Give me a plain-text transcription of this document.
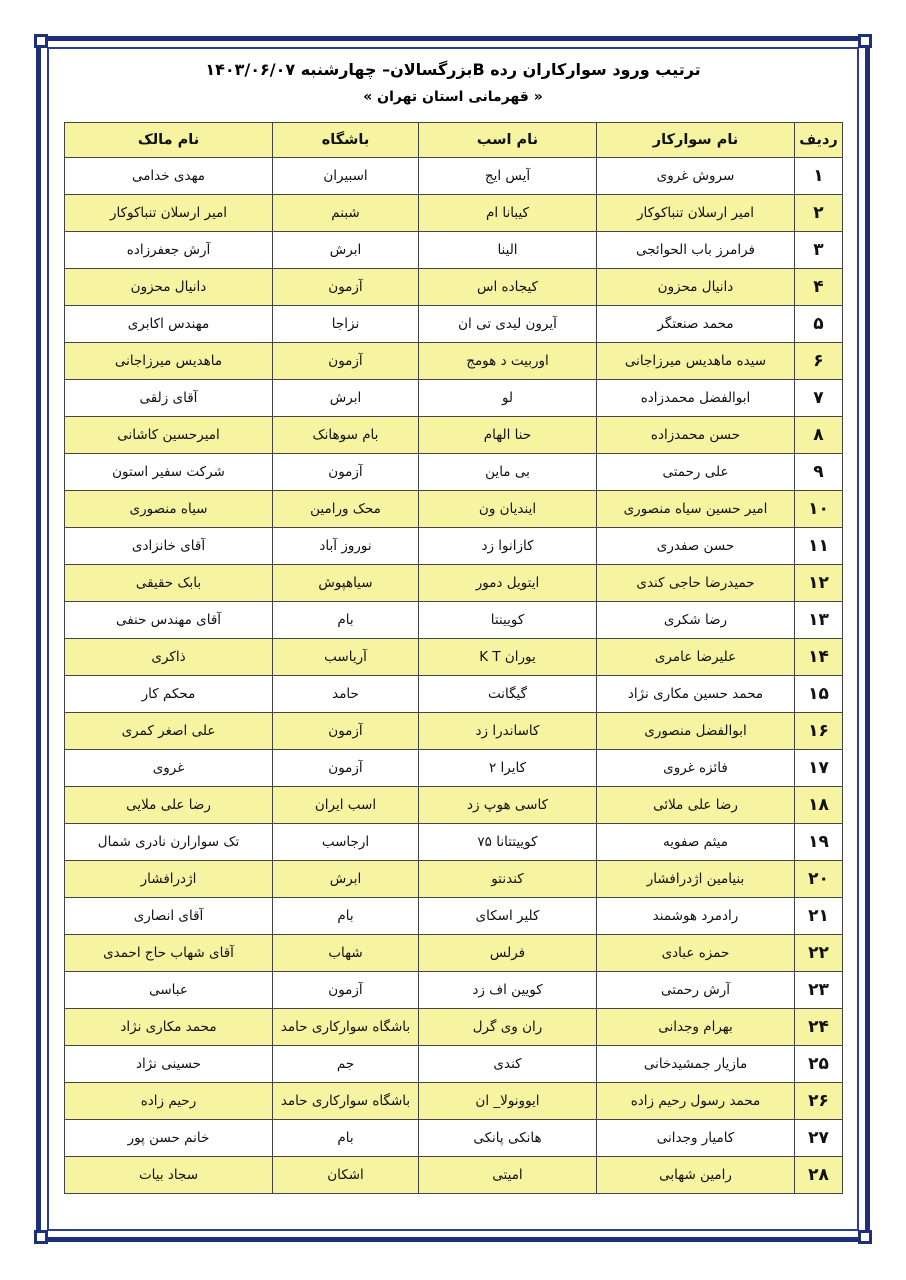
ترتیب ورود سوارکاران رده Bبزرگسالان– چهارشنبه ۱۴۰۳/۰۶/۰۷
« قهرمانی استان تهران »
ردیف	نام سوارکار	نام اسب	باشگاه	نام مالک
۱	سروش غروی	آیس ایج	اسبیران	مهدی خدامی
۲	امیر ارسلان تنباکوکار	کیبانا ام	شبنم	امیر ارسلان تنباکوکار
۳	فرامرز باب الحوائجی	الینا	ابرش	آرش جعفرزاده
۴	دانیال محزون	کیجاده اس	آزمون	دانیال محزون
۵	محمد صنعتگر	آیرون لیدی تی ان	نزاجا	مهندس اکابری
۶	سیده ماهدیس میرزاجانی	اوربیت د هومج	آزمون	ماهدیس میرزاجانی
۷	ابوالفضل محمدزاده	لو	ابرش	آقای زلقی
۸	حسن محمدزاده	حنا الهام	بام سوهانک	امیرحسین کاشانی
۹	علی رحمتی	بی ماین	آزمون	شرکت سفیر استون
۱۰	امیر حسین سیاه منصوری	ایندیان ون	محک ورامین	سیاه منصوری
۱۱	حسن صفدری	کازانوا زد	نوروز آباد	آقای خانزادی
۱۲	حمیدرضا حاجی کندی	ایتویل دمور	سیاهپوش	بابک حقیقی
۱۳	رضا شکری	کویینتا	بام	آقای مهندس حنفی
۱۴	علیرضا عامری	یوران K T	آریاسب	ذاکری
۱۵	محمد حسین مکاری نژاد	گیگانت	حامد	محکم کار
۱۶	ابوالفضل منصوری	کاساندرا زد	آزمون	علی اصغر کمری
۱۷	فائزه غروی	کایرا ۲	آزمون	غروی
۱۸	رضا علی ملائی	کاسی هوپ زد	اسب ایران	رضا علی ملایی
۱۹	میثم صفویه	کوییتتانا ۷۵	ارجاسب	تک سوارارن نادری شمال
۲۰	بنیامین اژدرافشار	کندنتو	ابرش	اژدرافشار
۲۱	رادمرد هوشمند	کلیر اسکای	بام	آقای انصاری
۲۲	حمزه عبادی	فرلس	شهاب	آقای شهاب حاج احمدی
۲۳	آرش رحمتی	کویین اف زد	آزمون	عباسی
۲۴	بهرام وجدانی	ران وی گرل	باشگاه سوارکاری حامد	محمد مکاری نژاد
۲۵	مازیار جمشیدخانی	کندی	جم	حسینی نژاد
۲۶	محمد رسول رحیم زاده	ایوونولا_ ان	باشگاه سوارکاری حامد	رحیم زاده
۲۷	کامیار وجدانی	هانکی پانکی	بام	خانم حسن پور
۲۸	رامین شهابی	امیتی	اشکان	سجاد بیات
